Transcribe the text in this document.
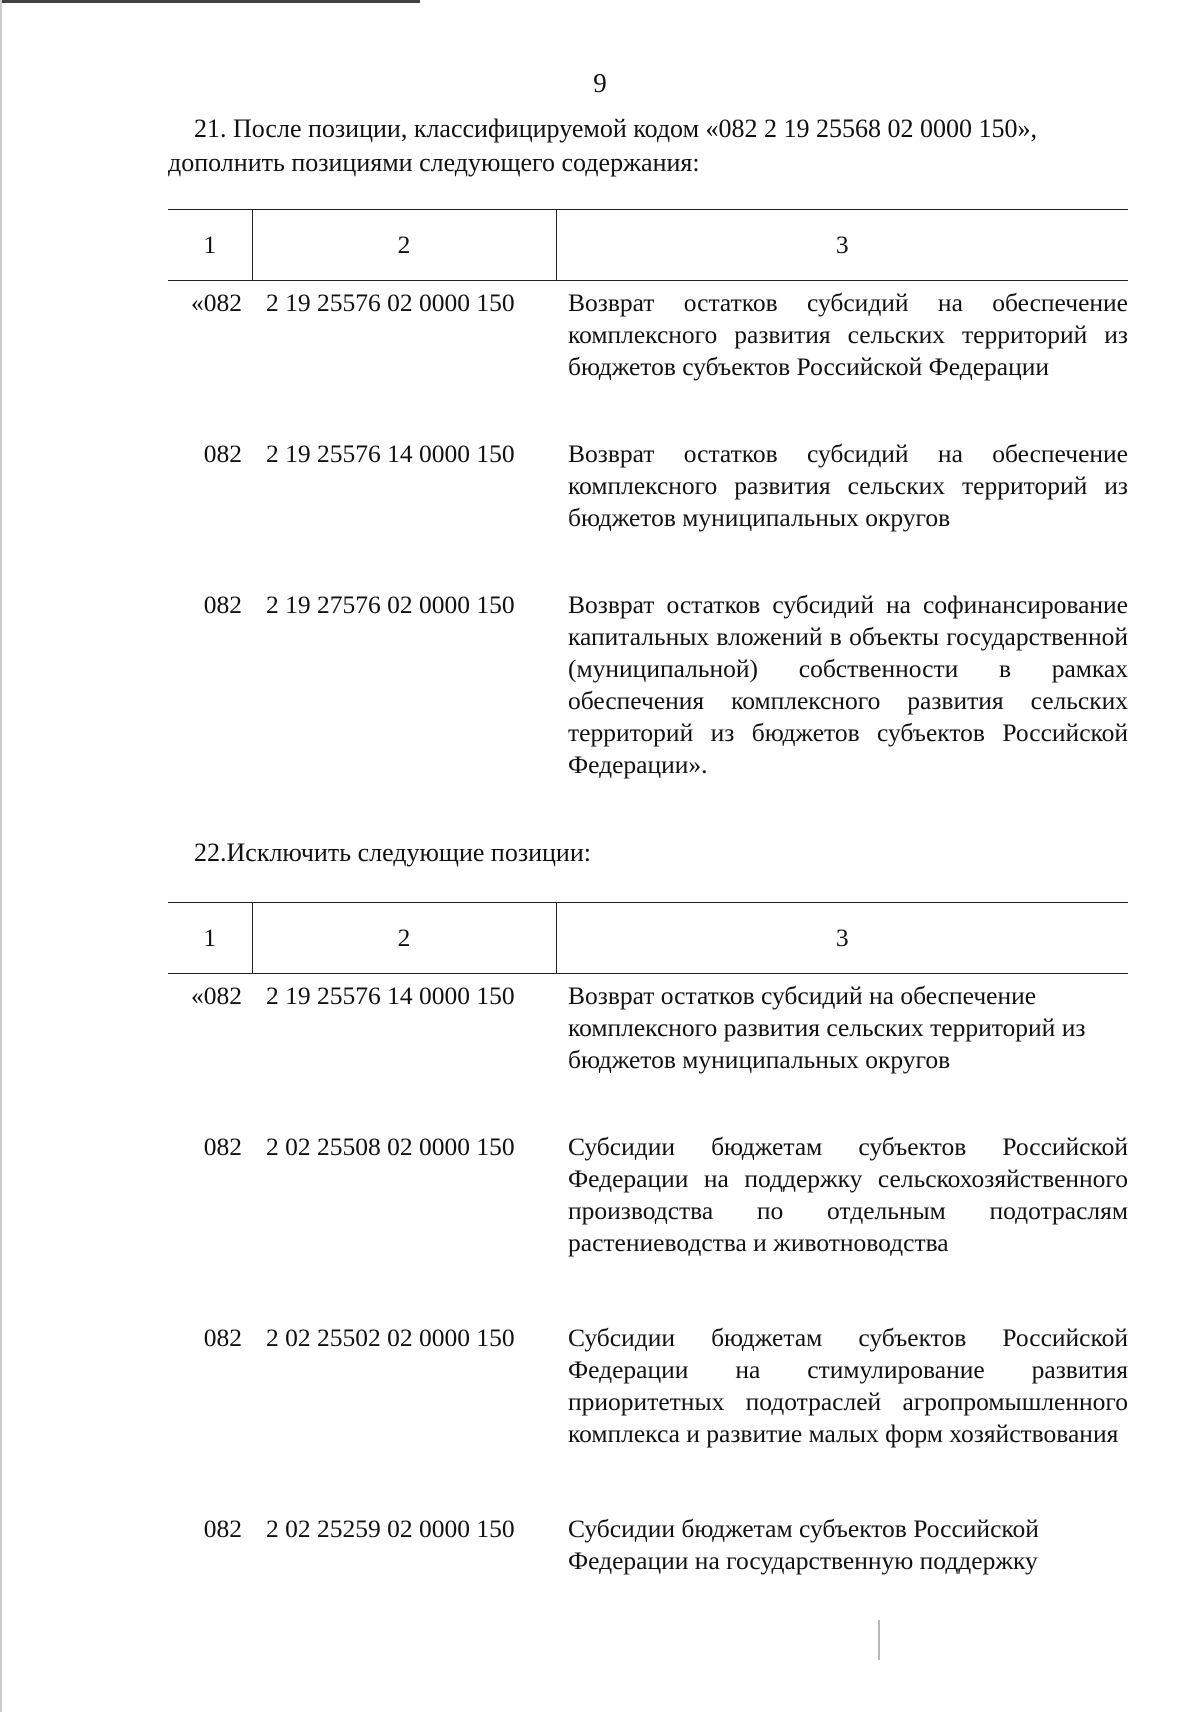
9
21. После позиции, классифицируемой кодом «082 2 19 25568 02 0000 150»,
дополнить позициями следующего содержания:
1	2	3
«082	2 19 25576 02 0000 150	Возврат остатков субсидий на обеспечение комплексного развития сельских территорий из бюджетов субъектов Российской Федерации
082	2 19 25576 14 0000 150	Возврат остатков субсидий на обеспечение комплексного развития сельских территорий из бюджетов муниципальных округов
082	2 19 27576 02 0000 150	Возврат остатков субсидий на софинансирование капитальных вложений в объекты государственной (муниципальной) собственности в рамках обеспечения комплексного развития сельских территорий из бюджетов субъектов Российской Федерации».
22.Исключить следующие позиции:
1	2	3
«082	2 19 25576 14 0000 150	Возврат остатков субсидий на обеспечение комплексного развития сельских территорий из бюджетов муниципальных округов
082	2 02 25508 02 0000 150	Субсидии бюджетам субъектов Российской Федерации на поддержку сельскохозяйственного производства по отдельным подотраслям растениеводства и животноводства
082	2 02 25502 02 0000 150	Субсидии бюджетам субъектов Российской Федерации на стимулирование развития приоритетных подотраслей агропромышленного комплекса и развитие малых форм хозяйствования
082	2 02 25259 02 0000 150	Субсидии бюджетам субъектов Российской Федерации на государственную поддержку
